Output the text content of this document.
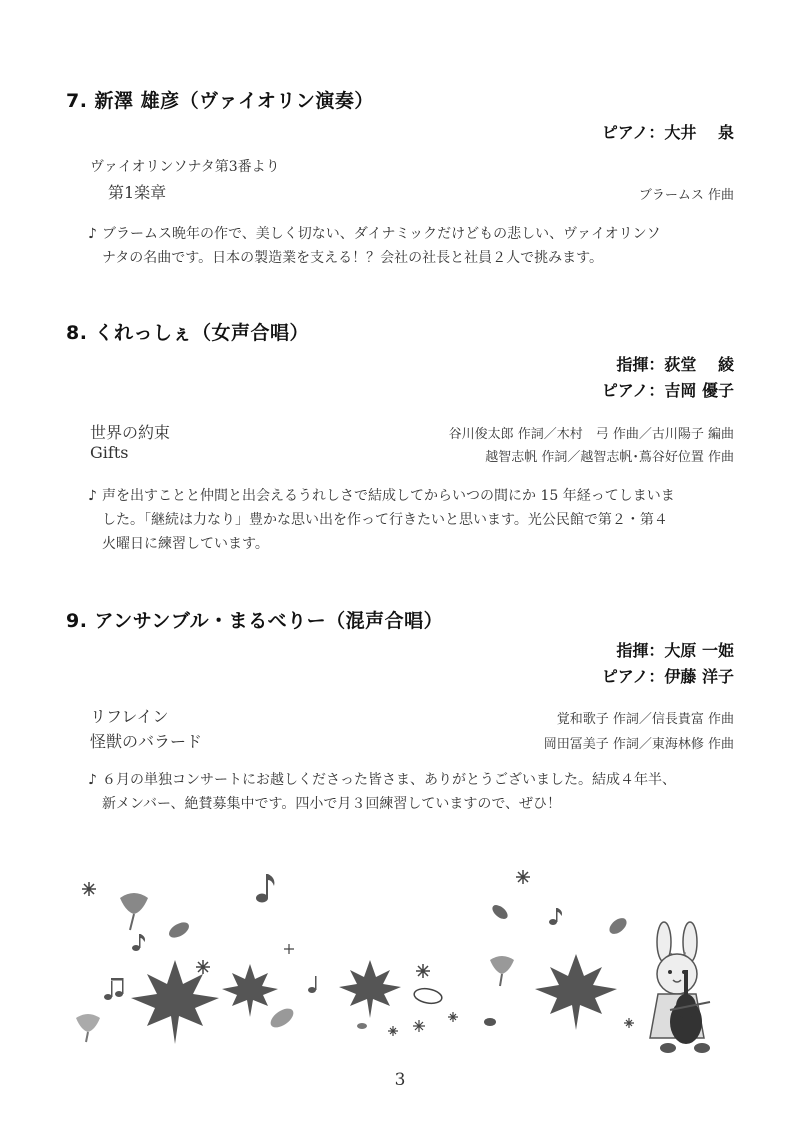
7. 新澤 雄彦（ヴァイオリン演奏）
ピアノ：大井　 泉
ヴァイオリンソナタ第3番より
第1楽章	ブラームス 作曲
♪ ブラームス晩年の作で、美しく切ない、ダイナミックだけどもの悲しい、ヴァイオリンソ
ナタの名曲です。日本の製造業を支える！？会社の社長と社員２人で挑みます。
8. くれっしぇ（女声合唱）
指揮：荻堂　 綾
ピアノ：吉岡 優子
世界の約束	谷川俊太郎 作詞／木村　弓 作曲／古川陽子 編曲
Gifts	越智志帆 作詞／越智志帆･蔦谷好位置 作曲
♪ 声を出すことと仲間と出会えるうれしさで結成してからいつの間にか 15 年経ってしまいま
した。「継続は力なり」豊かな思い出を作って行きたいと思います。光公民館で第２・第４
火曜日に練習しています。
9. アンサンブル・まるべりー（混声合唱）
指揮：大原 一姫
ピアノ：伊藤 洋子
リフレイン	覚和歌子 作詞／信長貴富 作曲
怪獣のバラード	岡田冨美子 作詞／東海林修 作曲
♪ ６月の単独コンサートにお越しくださった皆さま、ありがとうございました。結成４年半、
新メンバー、絶賛募集中です。四小で月３回練習していますので、ぜひ！
3
